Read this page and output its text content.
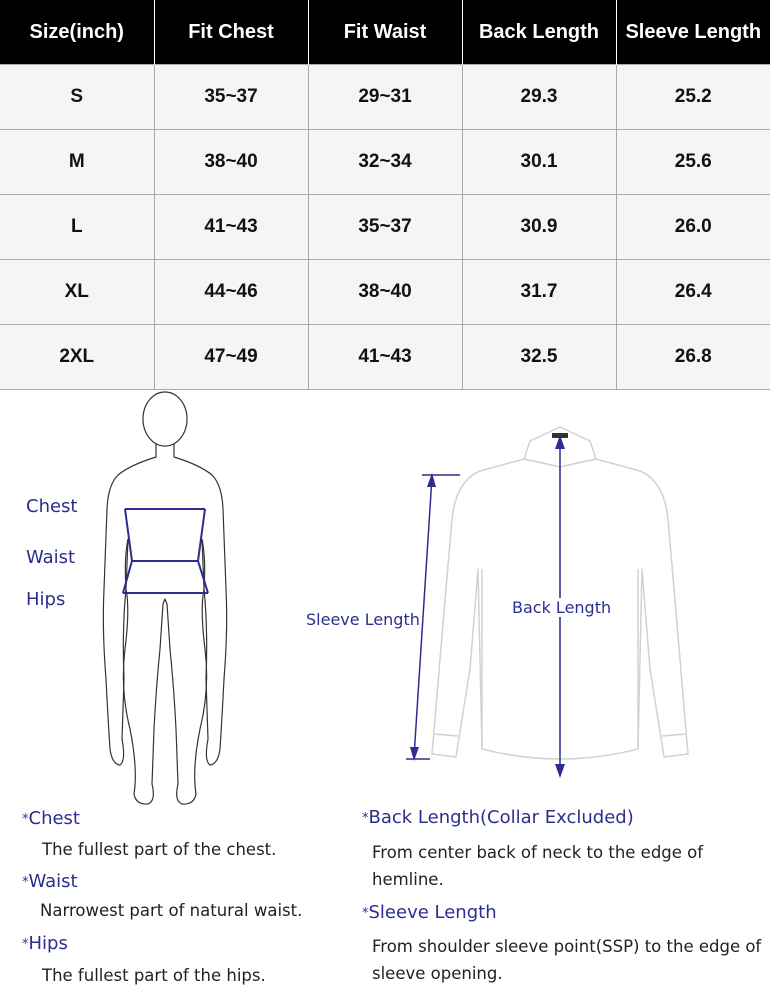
Size(inch)	Fit Chest	Fit Waist	Back Length	Sleeve Length
S	35~37	29~31	29.3	25.2
M	38~40	32~34	30.1	25.6
L	41~43	35~37	30.9	26.0
XL	44~46	38~40	31.7	26.4
2XL	47~49	41~43	32.5	26.8
Chest
Waist
Hips
Sleeve Length
Back Length
*Chest
The fullest part of the chest.
*Waist
Narrowest part of natural waist.
*Hips
The fullest part of the hips.
*Back Length(Collar Excluded)
From center back of neck to the edge of hemline.
*Sleeve Length
From shoulder sleeve point(SSP) to the edge of sleeve opening.
